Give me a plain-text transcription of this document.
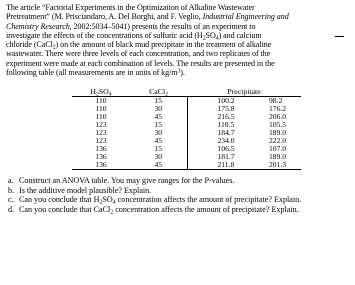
The article “Factorial Experiments in the Optimization of Alkaline Wastewater
Pretreatment” (M. Prisciandaro, A. Del Borghi, and F. Veglio, Industrial Engineering and
Chemistry Research, 2002:5034–5041) presents the results of an experiment to
investigate the effects of the concentrations of sulfuric acid $(H_2SO_4)$ and calcium
chloride (CaCl$_2$) on the amount of black mud precipitate in the treatment of alkaline
wastewater. There were three levels of each concentration, and two replicates of the
experiment were made at each combination of levels. The results are presented in the
following table (all measurements are in units of $kg/m^3$).

$H_2SO_4$	CaCl$_2$	Precipitate	
110	15	100.2	98.2
110	30	175.8	176.2
110	45	216.5	206.0
123	15	110.5	105.5
123	30	184.7	189.0
123	45	234.0	222.0
136	15	106.5	107.0
136	30	181.7	189.0
136	45	211.8	201.3
a. Construct an ANOVA table. You may give ranges for the P-values.
b. Is the additive model plausible? Explain.
c. Can you conclude that $H_2SO_4$ concentration affects the amount of precipitate? Explain.
d. Can you conclude that CaCl$_2$ concentration affects the amount of precipitate? Explain.
